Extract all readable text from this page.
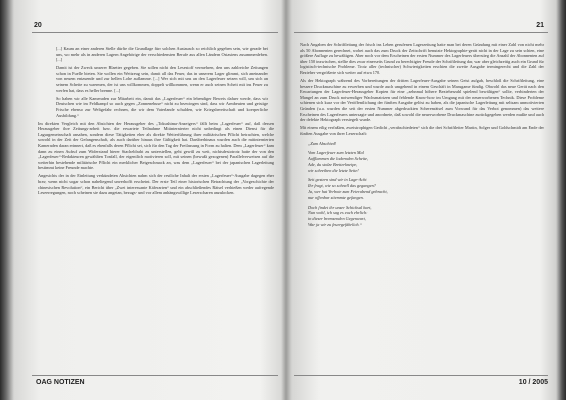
20

[...] Kaum an einer anderen Stelle dürfte die Grundlage fürr solchen Austausch so reichlich gegeben sein, wie gerade bei uns, wo mehr als in anderen Lagern Angehörige der verschiedensten Berufe aus allen Ländern Ostasiens zusammenleben. [...]

Damit ist der Zweck unserer Blaetter gegeben. Sie sollen nicht den Lesestoff vermehren, den uns zahlreiche Zeitungen schon in Fuelle bieten. Sie wollen ein Weitzeug sein, damit all das Feuer, das in unserem Lager glimmt, sich aneinander von neuem entzuende und zur hellen Lohe auflamme. [...] Wer sich mit uns an den Lagerfeuer setzen will, um sich an seinem Scheite zu waermen, der ist uns willkommen, doppelt willkommen, wenn er auch seinen Scheit mit ins Feuer zu werfen hat, dass es heller brenne. [...]

So haben wir alle Kameraden zur Mitarbeit ein, damit das „Lagerfeuer“ ein lebendiger Beweis dafuer werde, dass wir Deutschen wie im Feldkampf so auch gegen „Zonnenebuse“ nicht zu bezwingen sind, dass wir Armbeuten und geistige Frische ebenso zur Weltgefahr rechnen, die wir dem Vaterlande schulden, wie Kriegsbereitschaft und koerperliche Ausbildung.“

Im direkten Vergleich mit den Absichten der Herausgeber des „Tokushima-Anzeigers“ fällt beim „Lagerfeuer“ auf, daß dessen Herausgeber ihre Zeitungs-arbeit bzw. die erwartete Teilnahme Mitinternierter nicht unbedingt als einen Dienst für die Lagurgemeinschaft ansahen, sondern diese Tätigkeiten eher als direkte Weiterführung ihrer militärischen Pflicht betrachten, welche sowohl in der Zeit der Gefangenschaft, als auch darüber hinaus ihre Gültigkeit hat. Darüberhinaus wurden auch die mitinternierten Kameraden daran erinnert, daß es ebenfalls deren Pflicht sei, sich für den Tag der Freilassung in Form zu halten. Dem „Lagerfeuer“ kam dann zu einen Aufruf zum Widerstand hierer Stacheldraht zu unterstellen, geht gewiß zu weit, nichtsdestotrotz hatte der von den „Lagerfeuer“-Redakteuren gewählten Tonfall, der eigentlich motivieren soll, mit seinen (bewußt gezogenen) Parallelverweisen auf die weiterhin bestehende militärische Pflicht ein merklicher Beigeschmack an, was dem „Lagerfeuer“ bei der japanischen Lagerleitung bestimmt keine Freunde machte.

Angesichts der in der Einleitung verkündeten Absichten nahm sich der restliche Inhalt der ersten „Lagerfeuer“-Ausgabe dagegen eher brav, wenn nicht sogar schon naheliegend unverhofft erscheint. Der erste Teil einer historischen Betrachtung der „Vorgeschichte der chinesischen Revolution“, ein Bericht über „Zwei interessante Käferarten“ und ein abschließendes Rätsel verhießen weder aufregende Leseerregungen, noch scheinen sie dazu angetan, bezugs- und vor allem anhängswillige Leserscharen anzulocken.

OAG NOTIZEN
21

Nach Angaben der Schriftleitung der frisch ins Leben gerufenen Lagerzeitung hatte man bei deren Gründung mit einer Zahl von nicht mehr als 50 Abonnenten gerechnet, wobei auch das zum Druck der Zeitschrift benutzte Hektographie-gerät nicht in der Lage zu sein schien, eine größere Auflage zu bewältigen. Aber noch vor dem Erscheinen der ersten Nummer des Lagerfeuers überstieg die Anzahl der Abonnenten auf über 150 inzwischen, stellte dies zwar einerseits Grund zu berechtigter Freude der Schriftleitung dar, war aber gleichzeitig auch ein Grund für logistisch-technische Probleme. Trotz aller (technischer) Schwierigkeiten erschien die zweite Ausgabe termingerecht und die Zahl der Bezieher vergrößerte sich weiter auf etwa 170.

Als der Hektograph während des Vorbereitungen der dritten Lagerfeuer-Ausgabe seinen Geist aufgab, beschloß die Schriftleitung, eine bessere Druckmaschine zu erwerben und wurde auch umgehend in einem Geschäft in Marugame fündig. Obwohl das neue Gerät nach den Erwartungen der Lagerfeuer-Herausgeber Kopien für eine „zehnmal höhere Bezieherzahl spielend bewältigen“ sollte, verhinderten der Mangel an zum Druck notwendiger Wachsmatrizen und fehlende Know-how im Umgang mit der neuerworbenen Technik. Diese Probleme schienen sich kurz vor der Veröffentlichung der fünften Ausgabe gelöst zu haben, als die japanische Lagerleitung mit seltsam unmotivierten Gründen (u.a. wurden die seit der ersten Nummer abgedruckten Scherenrätsel zum Vorwand für das Verbot genommen) das weitere Erscheinen des Lagerfeuers untersagte und anordnete, daß sowohl die neuerworbene Druckmaschine zurückgegeben werden mußte und auch der defekte Hektograph versiegelt wurde.

Mit einem eilig verfaßten, zweistrophigen Gedicht „verabschiedeten“ sich die drei Schriftleiter Martin, Solger und Goldschmidt am Ende der fünften Ausgabe von ihrer Leserschaft:

„Zum Abschied!
Vom Lagerfeuer zum letzten Mal
Aufflammen die lodernden Scheite,
Ade, du stolze Bretterkneipe,
wir schreiben die letzte Seite!
Seit gestern sind wir in Lage-Acht
Ihr fragt, wie so schnell das gegangen?
Ja, wer hat Verbote zum Feierabend gebracht,
nur offenbar stiemmte gefangen.
Doch findet ihr unser Schicksal hart,
Nun wohl, ich sag es euch ehrlich:
in dieser bremsenden Gegenwart,
War ja wir zu feuergefährlich.“
10 / 2005
